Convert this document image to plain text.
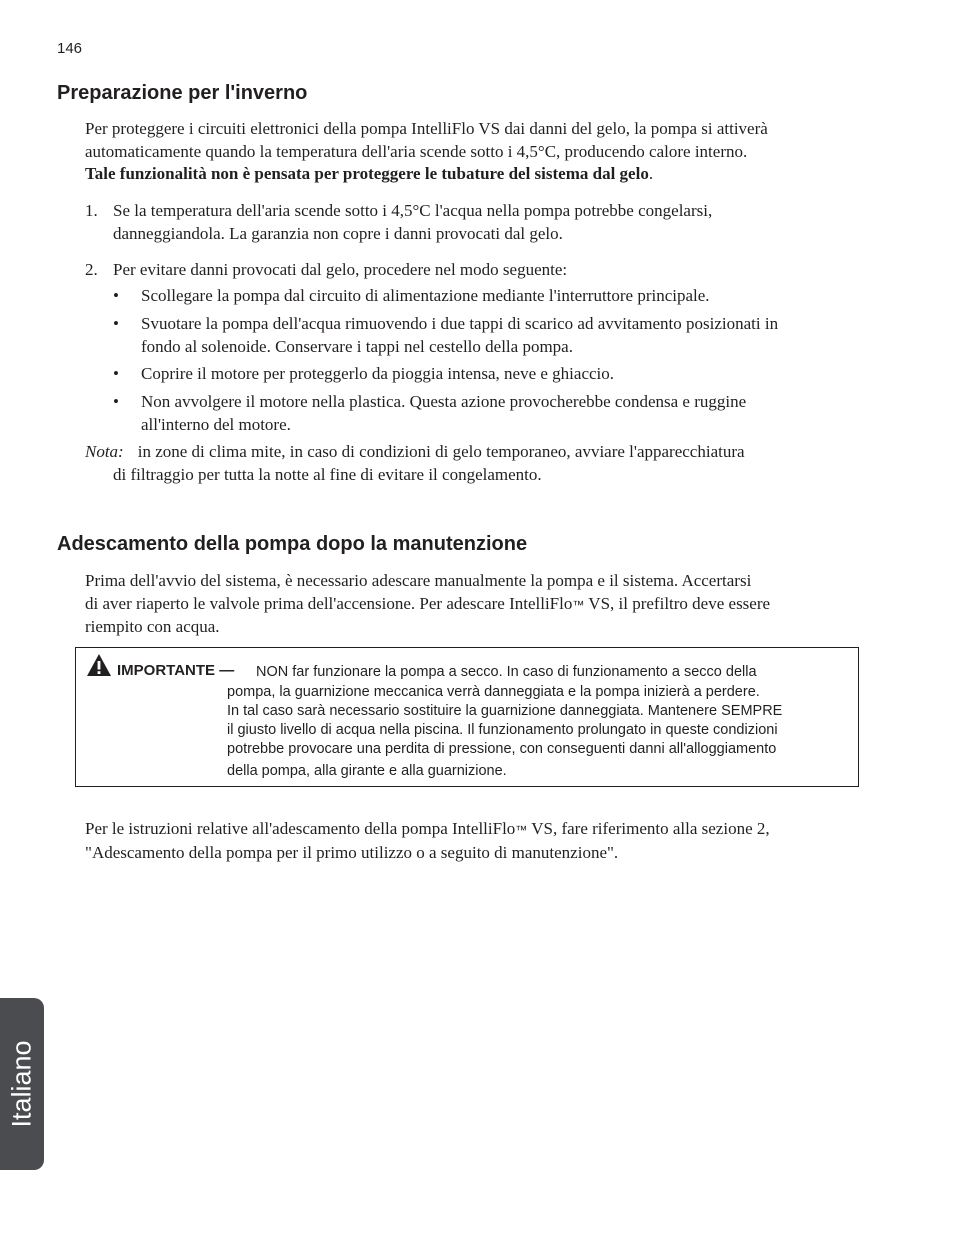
146
Preparazione per l'inverno
Per proteggere i circuiti elettronici della pompa IntelliFlo VS dai danni del gelo, la pompa si attiverà
automaticamente quando la temperatura dell'aria scende sotto i 4,5°C, producendo calore interno.
Tale funzionalità non è pensata per proteggere le tubature del sistema dal gelo.
1. Se la temperatura dell'aria scende sotto i 4,5°C l'acqua nella pompa potrebbe congelarsi,
danneggiandola. La garanzia non copre i danni provocati dal gelo.
2. Per evitare danni provocati dal gelo, procedere nel modo seguente:
• Scollegare la pompa dal circuito di alimentazione mediante l'interruttore principale.
• Svuotare la pompa dell'acqua rimuovendo i due tappi di scarico ad avvitamento posizionati in
fondo al solenoide. Conservare i tappi nel cestello della pompa.
• Coprire il motore per proteggerlo da pioggia intensa, neve e ghiaccio.
• Non avvolgere il motore nella plastica. Questa azione provocherebbe condensa e ruggine
all'interno del motore.
Nota: in zone di clima mite, in caso di condizioni di gelo temporaneo, avviare l'apparecchiatura
di filtraggio per tutta la notte al fine di evitare il congelamento.
Adescamento della pompa dopo la manutenzione
Prima dell'avvio del sistema, è necessario adescare manualmente la pompa e il sistema. Accertarsi
di aver riaperto le valvole prima dell'accensione. Per adescare IntelliFlo™ VS, il prefiltro deve essere
riempito con acqua.
IMPORTANTE — NON far funzionare la pompa a secco. In caso di funzionamento a secco della
pompa, la guarnizione meccanica verrà danneggiata e la pompa inizierà a perdere.
In tal caso sarà necessario sostituire la guarnizione danneggiata. Mantenere SEMPRE
il giusto livello di acqua nella piscina. Il funzionamento prolungato in queste condizioni
potrebbe provocare una perdita di pressione, con conseguenti danni all'alloggiamento
della pompa, alla girante e alla guarnizione.
Per le istruzioni relative all'adescamento della pompa IntelliFlo™ VS, fare riferimento alla sezione 2,
"Adescamento della pompa per il primo utilizzo o a seguito di manutenzione".
Italiano
